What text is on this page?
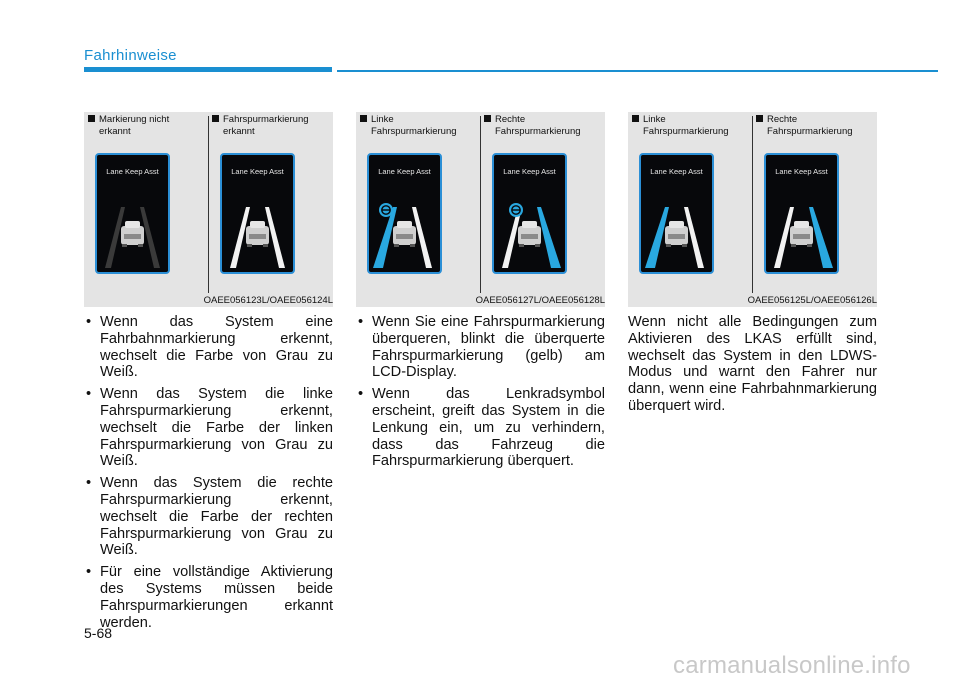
Fahrhinweise
Markierung nicht
erkannt
Fahrspurmarkierung
erkannt
Lane Keep Asst	Lane Keep Asst
OAEE056123L/OAEE056124L
Linke
Fahrspurmarkierung
Rechte
Fahrspurmarkierung
Lane Keep Asst	Lane Keep Asst
OAEE056127L/OAEE056128L
Linke
Fahrspurmarkierung
Rechte
Fahrspurmarkierung
Lane Keep Asst	Lane Keep Asst
OAEE056125L/OAEE056126L
• Wenn das System eine Fahrbahnmarkierung erkennt, wechselt die Farbe von Grau zu Weiß.
• Wenn das System die linke Fahrspurmarkierung erkennt, wechselt die Farbe der linken Fahrspurmarkierung von Grau zu Weiß.
• Wenn das System die rechte Fahrspurmarkierung erkennt, wechselt die Farbe der rechten Fahrspurmarkierung von Grau zu Weiß.
• Für eine vollständige Aktivierung des Systems müssen beide Fahrspurmarkierungen erkannt werden.
• Wenn Sie eine Fahrspurmarkierung überqueren, blinkt die überquerte Fahrspurmarkierung (gelb) am LCD-Display.
• Wenn das Lenkradsymbol erscheint, greift das System in die Lenkung ein, um zu verhindern, dass das Fahrzeug die Fahrspurmarkierung überquert.

Wenn nicht alle Bedingungen zum Aktivieren des LKAS erfüllt sind, wechselt das System in den LDWS-Modus und warnt den Fahrer nur dann, wenn eine Fahrbahnmarkierung überquert wird.

5-68
carmanualsonline.info
